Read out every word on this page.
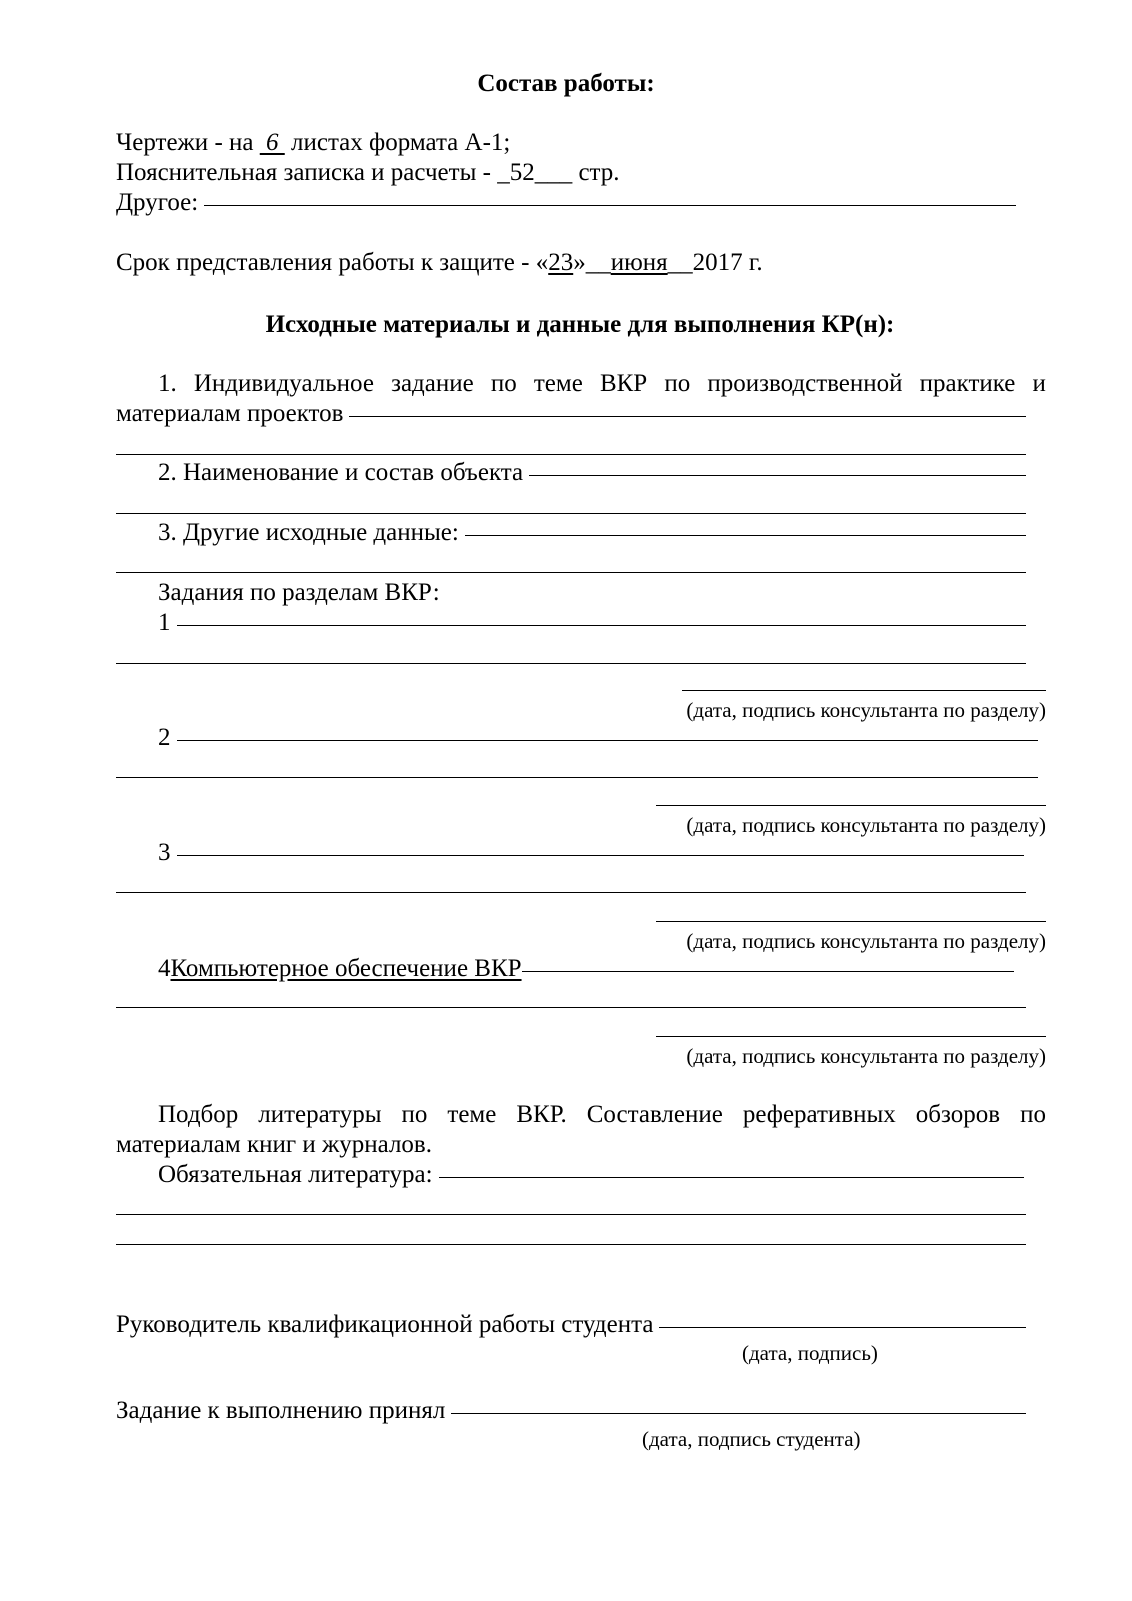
Состав работы:
Чертежи - на  6  листах формата А-1;
Пояснительная записка и расчеты - _52___ стр.
Другое:
Срок представления работы к защите - «23»__июня__2017 г.
Исходные материалы и данные для выполнения КР(н):
1. Индивидуальное задание по теме ВКР по производственной практике и
материалам проектов
2. Наименование и состав объекта
3. Другие исходные данные:
Задания по разделам ВКР:
1
(дата, подпись консультанта по разделу)
2
(дата, подпись консультанта по разделу)
3
(дата, подпись консультанта по разделу)
4 Компьютерное обеспечение ВКР
(дата, подпись консультанта по разделу)
Подбор литературы по теме ВКР. Составление реферативных обзоров по
материалам книг и журналов.
Обязательная литература:
Руководитель квалификационной работы студента
(дата, подпись)
Задание к выполнению принял
(дата, подпись студента)
